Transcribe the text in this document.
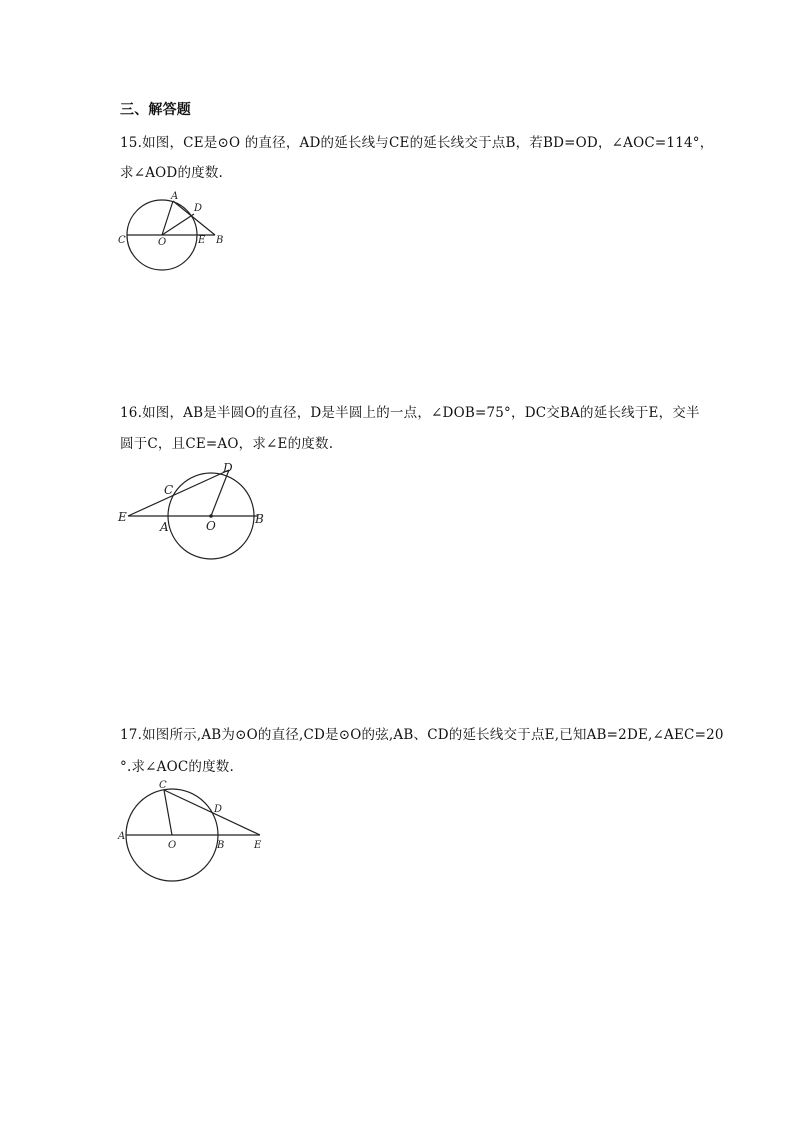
三、解答题
15.如图，CE是⊙O 的直径，AD的延长线与CE的延长线交于点B，若BD=OD，∠AOC=114°，
求∠AOD的度数.
A
D
C	O	E B
16.如图，AB是半圆O的直径，D是半圆上的一点，∠DOB=75°，DC交BA的延长线于E，交半
圆于C，且CE=AO，求∠E的度数.
D
C
E
A	O	B
17.如图所示,AB为⊙O的直径,CD是⊙O的弦,AB、CD的延长线交于点E,已知AB=2DE,∠AEC=20
°.求∠AOC的度数.
C
D
A
O	B	E
